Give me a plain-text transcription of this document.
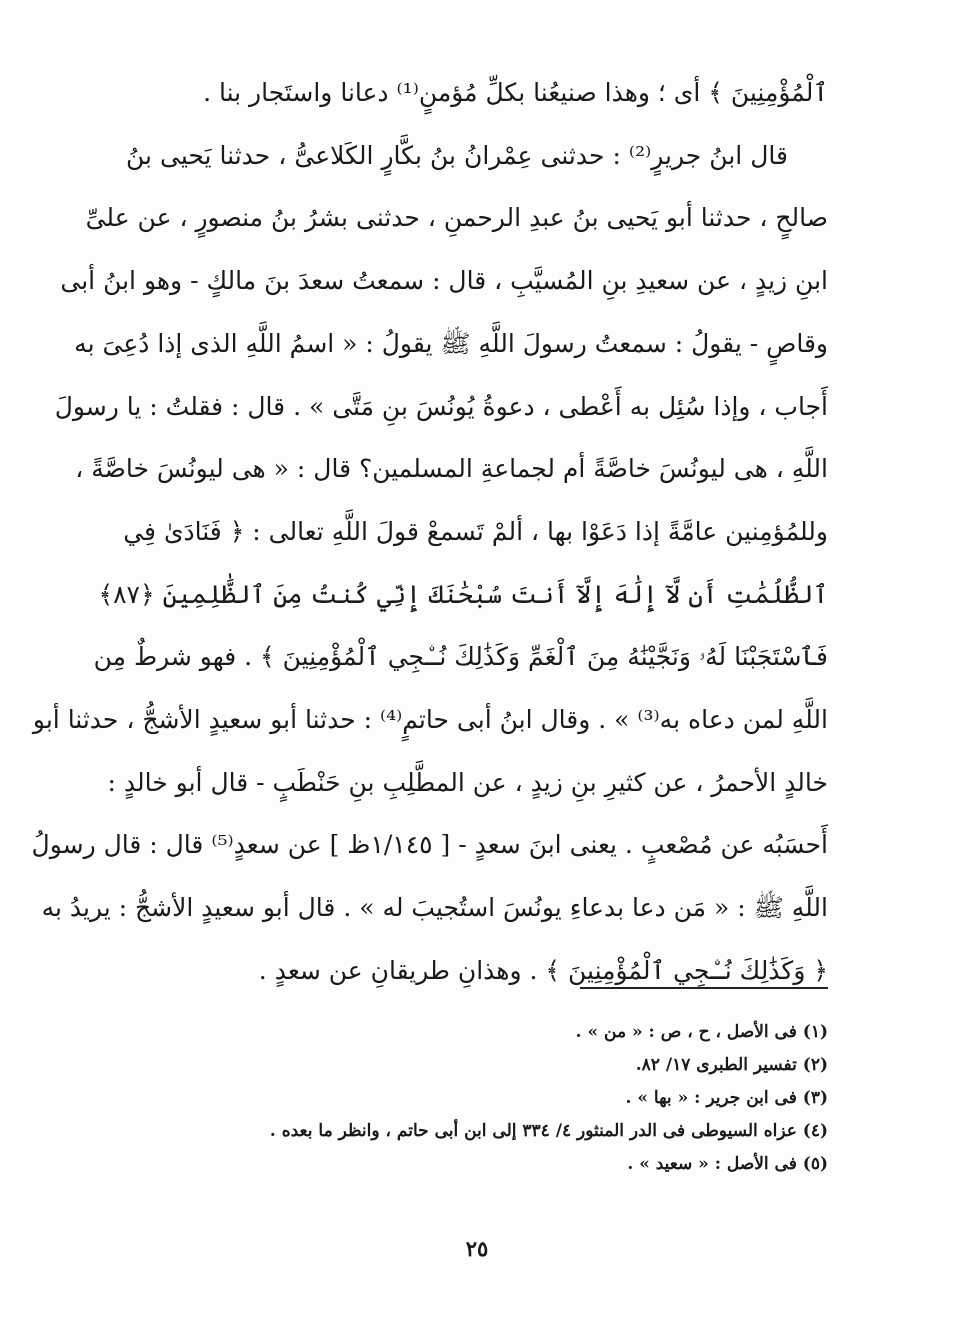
ٱلْمُؤْمِنِينَ ﴾ أى ؛ وهذا صنيعُنا بكلِّ مُؤمنٍ⁽¹⁾ دعانا واستَجار بنا .

قال ابنُ جريرٍ⁽²⁾ : حدثنى عِمْرانُ بنُ بكَّارٍ الكَلاعىُّ ، حدثنا يَحيى بنُ
صالحٍ ، حدثنا أبو يَحيى بنُ عبدِ الرحمنِ ، حدثنى بشرُ بنُ منصورٍ ، عن علىِّ
ابنِ زيدٍ ، عن سعيدِ بنِ المُسيَّبِ ، قال : سمعتُ سعدَ بنَ مالكٍ - وهو ابنُ أبى
وقاصٍ - يقولُ : سمعتُ رسولَ اللَّهِ ﷺ يقولُ : « اسمُ اللَّهِ الذى إذا دُعِىَ به
أَجاب ، وإذا سُئِل به أَعْطى ، دعوةُ يُونُسَ بنِ مَتَّى » . قال : فقلتُ : يا رسولَ
اللَّهِ ، هى ليونُسَ خاصَّةً أم لجماعةِ المسلمين؟ قال : « هى ليونُسَ خاصَّةً ،
وللمُؤمِنين عامَّةً إذا دَعَوْا بها ، ألمْ تَسمعْ قولَ اللَّهِ تعالى : ﴿ فَنَادَىٰ فِي
ٱلظُّلُمَٰتِ أَن لَّآ إِلَٰهَ إِلَّآ أَنتَ سُبْحَٰنَكَ إِنِّي كُنتُ مِنَ ٱلظَّٰلِمِينَ ﴿٨٧﴾
فَٱسْتَجَبْنَا لَهُۥ وَنَجَّيْنَٰهُ مِنَ ٱلْغَمِّ وَكَذَٰلِكَ نُـۨجِي ٱلْمُؤْمِنِينَ ﴾ . فهو شرطٌ مِن
اللَّهِ لمن دعاه به⁽³⁾ » . وقال ابنُ أبى حاتمٍ⁽⁴⁾ : حدثنا أبو سعيدٍ الأشجُّ ، حدثنا أبو
خالدٍ الأحمرُ ، عن كثيرِ بنِ زيدٍ ، عن المطَّلِبِ بنِ حَنْطَبٍ - قال أبو خالدٍ :
أَحسَبُه عن مُصْعبٍ . يعنى ابنَ سعدٍ - [ ١/١٤٥ظ ] عن سعدٍ⁽⁵⁾ قال : قال رسولُ
اللَّهِ ﷺ : « مَن دعا بدعاءِ يونُسَ استُجيبَ له » . قال أبو سعيدٍ الأشجُّ : يريدُ به
﴿ وَكَذَٰلِكَ نُـۨجِي ٱلْمُؤْمِنِينَ ﴾ . وهذانِ طريقانِ عن سعدٍ .

(١) فى الأصل ، ح ، ص : « من » .
(٢) تفسير الطبرى ١٧/ ٨٢.
(٣) فى ابن جرير : « بها » .
(٤) عزاه السيوطى فى الدر المنثور ٤/ ٣٣٤ إلى ابن أبى حاتم ، وانظر ما بعده .
(٥) فى الأصل : « سعيد » .
٢٥
